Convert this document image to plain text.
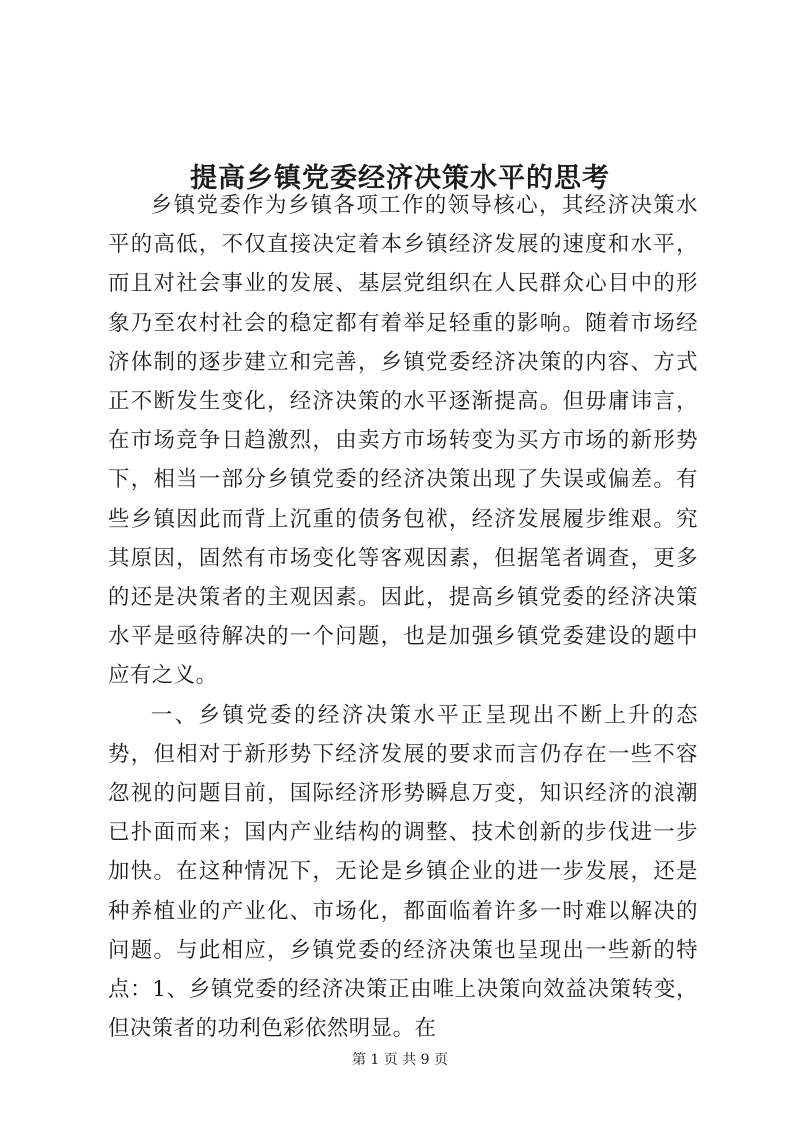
提高乡镇党委经济决策水平的思考

乡镇党委作为乡镇各项工作的领导核心，其经济决策水平的高低，不仅直接决定着本乡镇经济发展的速度和水平，而且对社会事业的发展、基层党组织在人民群众心目中的形象乃至农村社会的稳定都有着举足轻重的影响。随着市场经济体制的逐步建立和完善，乡镇党委经济决策的内容、方式正不断发生变化，经济决策的水平逐渐提高。但毋庸讳言，在市场竞争日趋激烈，由卖方市场转变为买方市场的新形势下，相当一部分乡镇党委的经济决策出现了失误或偏差。有些乡镇因此而背上沉重的债务包袱，经济发展履步维艰。究其原因，固然有市场变化等客观因素，但据笔者调查，更多的还是决策者的主观因素。因此，提高乡镇党委的经济决策水平是亟待解决的一个问题，也是加强乡镇党委建设的题中应有之义。

一、乡镇党委的经济决策水平正呈现出不断上升的态势，但相对于新形势下经济发展的要求而言仍存在一些不容忽视的问题目前，国际经济形势瞬息万变，知识经济的浪潮已扑面而来；国内产业结构的调整、技术创新的步伐进一步加快。在这种情况下，无论是乡镇企业的进一步发展，还是种养植业的产业化、市场化，都面临着许多一时难以解决的问题。与此相应，乡镇党委的经济决策也呈现出一些新的特点：1、乡镇党委的经济决策正由唯上决策向效益决策转变，但决策者的功利色彩依然明显。在

第 1 页 共 9 页
